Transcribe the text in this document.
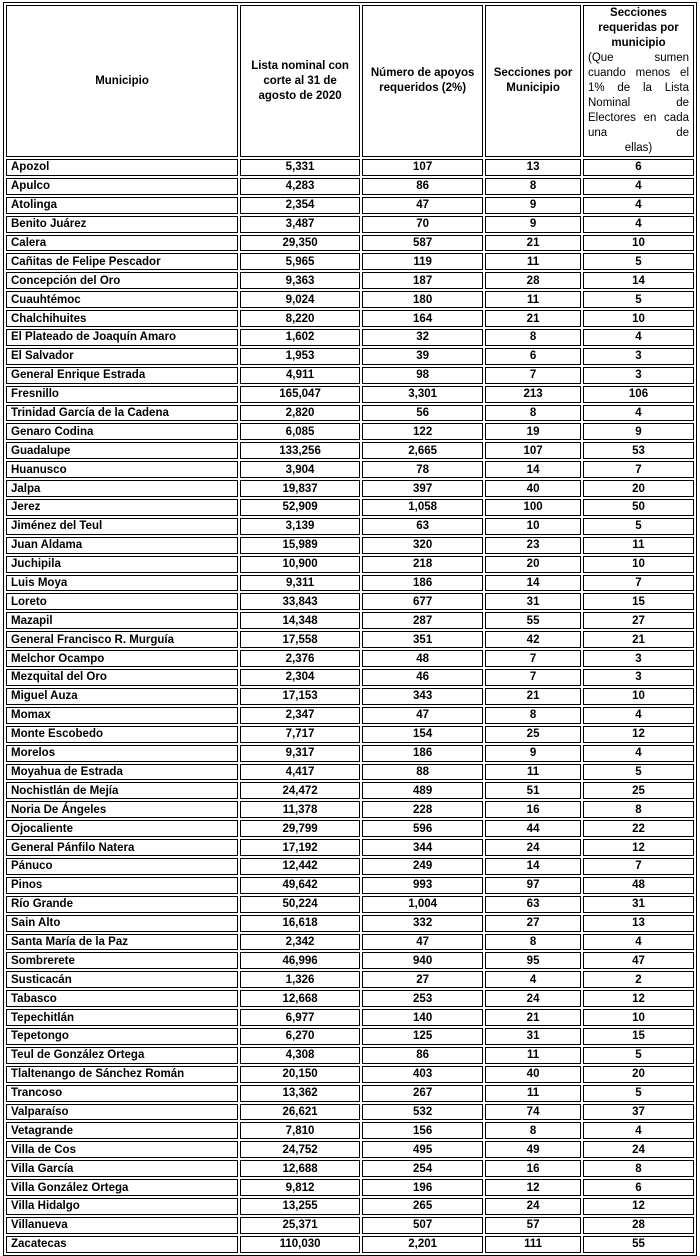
Municipio	Lista nominal con corte al 31 de agosto de 2020	Número de apoyos requeridos (2%)	Secciones por Municipio	Secciones requeridas por municipio
(Que sumen cuando menos el 1% de la Lista Nominal de Electores en cada una de
ellas)

Apozol	5,331	107	13	6
Apulco	4,283	86	8	4
Atolinga	2,354	47	9	4
Benito Juárez	3,487	70	9	4
Calera	29,350	587	21	10
Cañitas de Felipe Pescador	5,965	119	11	5
Concepción del Oro	9,363	187	28	14
Cuauhtémoc	9,024	180	11	5
Chalchihuites	8,220	164	21	10
El Plateado de Joaquín Amaro	1,602	32	8	4
El Salvador	1,953	39	6	3
General Enrique Estrada	4,911	98	7	3
Fresnillo	165,047	3,301	213	106
Trinidad García de la Cadena	2,820	56	8	4
Genaro Codina	6,085	122	19	9
Guadalupe	133,256	2,665	107	53
Huanusco	3,904	78	14	7
Jalpa	19,837	397	40	20
Jerez	52,909	1,058	100	50
Jiménez del Teul	3,139	63	10	5
Juan Aldama	15,989	320	23	11
Juchipila	10,900	218	20	10
Luis Moya	9,311	186	14	7
Loreto	33,843	677	31	15
Mazapil	14,348	287	55	27
General Francisco R. Murguía	17,558	351	42	21
Melchor Ocampo	2,376	48	7	3
Mezquital del Oro	2,304	46	7	3
Miguel Auza	17,153	343	21	10
Momax	2,347	47	8	4
Monte Escobedo	7,717	154	25	12
Morelos	9,317	186	9	4
Moyahua de Estrada	4,417	88	11	5
Nochistlán de Mejía	24,472	489	51	25
Noria De Ángeles	11,378	228	16	8
Ojocaliente	29,799	596	44	22
General Pánfilo Natera	17,192	344	24	12
Pánuco	12,442	249	14	7
Pinos	49,642	993	97	48
Río Grande	50,224	1,004	63	31
Sain Alto	16,618	332	27	13
Santa María de la Paz	2,342	47	8	4
Sombrerete	46,996	940	95	47
Susticacán	1,326	27	4	2
Tabasco	12,668	253	24	12
Tepechitlán	6,977	140	21	10
Tepetongo	6,270	125	31	15
Teul de González Ortega	4,308	86	11	5
Tlaltenango de Sánchez Román	20,150	403	40	20
Trancoso	13,362	267	11	5
Valparaíso	26,621	532	74	37
Vetagrande	7,810	156	8	4
Villa de Cos	24,752	495	49	24
Villa García	12,688	254	16	8
Villa González Ortega	9,812	196	12	6
Villa Hidalgo	13,255	265	24	12
Villanueva	25,371	507	57	28
Zacatecas	110,030	2,201	111	55
